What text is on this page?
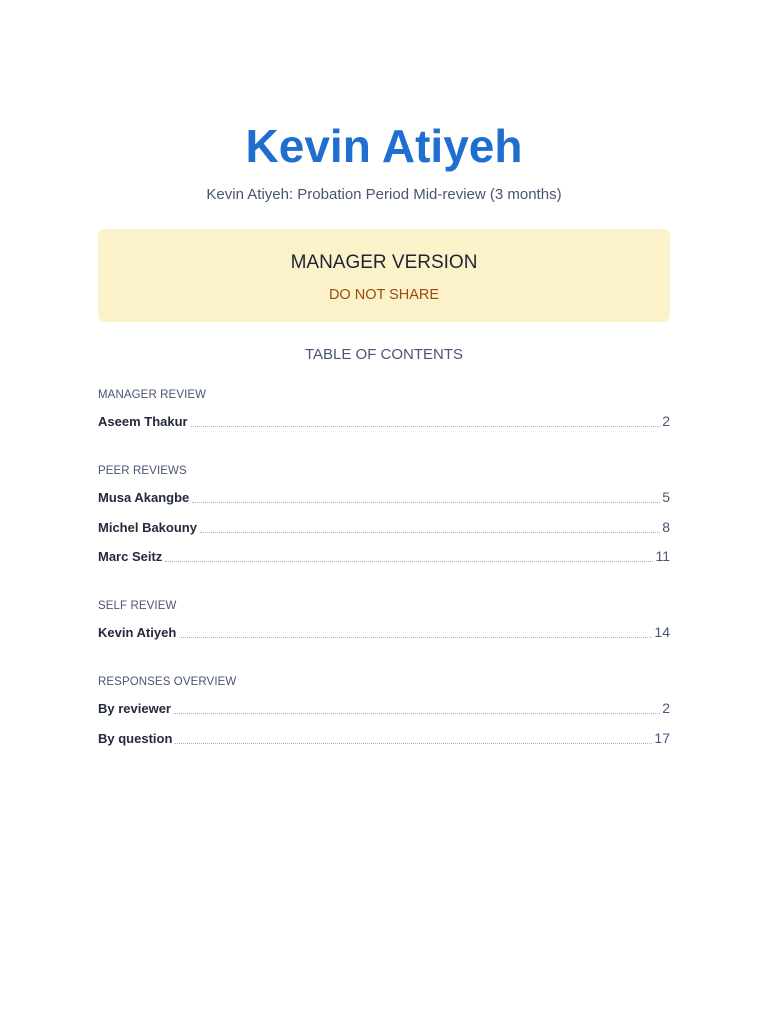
Kevin Atiyeh
Kevin Atiyeh: Probation Period Mid-review (3 months)
MANAGER VERSION
DO NOT SHARE
TABLE OF CONTENTS
MANAGER REVIEW
Aseem Thakur	2
PEER REVIEWS
Musa Akangbe	5
Michel Bakouny	8
Marc Seitz	11
SELF REVIEW
Kevin Atiyeh	14
RESPONSES OVERVIEW
By reviewer	2
By question	17
